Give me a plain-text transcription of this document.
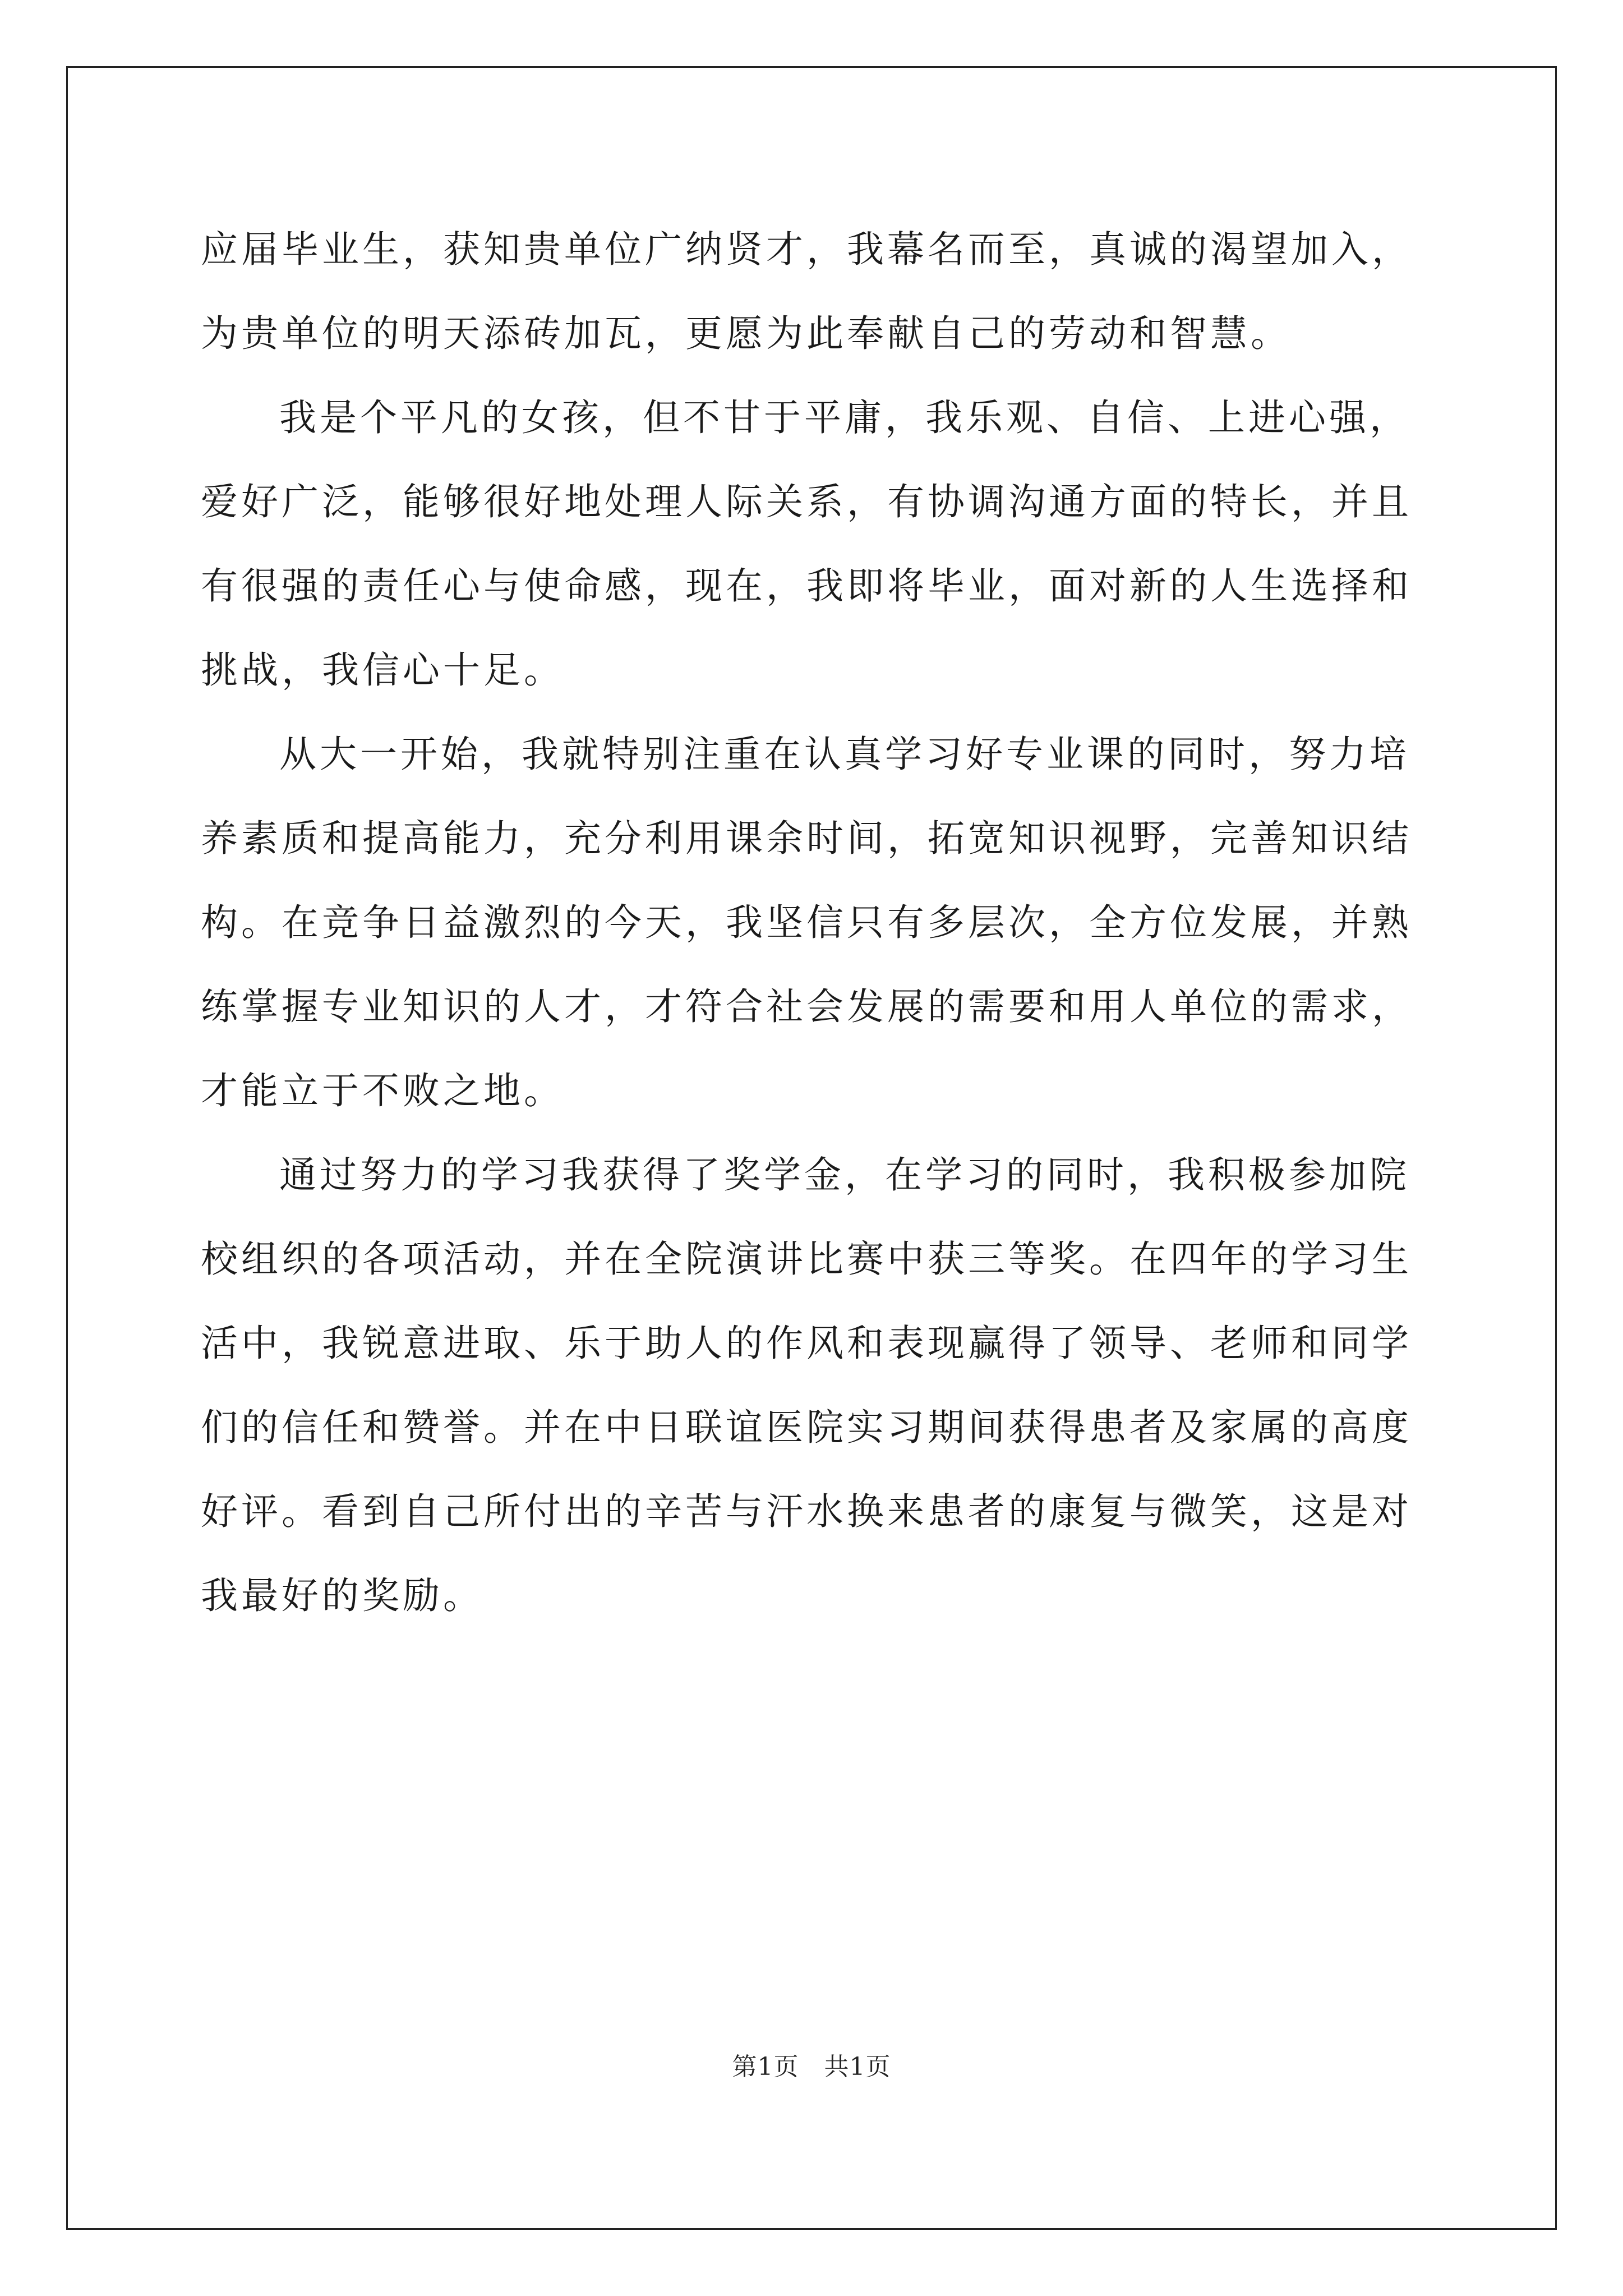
应届毕业生，获知贵单位广纳贤才，我幕名而至，真诚的渴望加入，
为贵单位的明天添砖加瓦，更愿为此奉献自己的劳动和智慧。
我是个平凡的女孩，但不甘于平庸，我乐观、自信、上进心强，
爱好广泛，能够很好地处理人际关系，有协调沟通方面的特长，并且
有很强的责任心与使命感，现在，我即将毕业，面对新的人生选择和
挑战，我信心十足。
从大一开始，我就特别注重在认真学习好专业课的同时，努力培
养素质和提高能力，充分利用课余时间，拓宽知识视野，完善知识结
构。在竞争日益激烈的今天，我坚信只有多层次，全方位发展，并熟
练掌握专业知识的人才，才符合社会发展的需要和用人单位的需求，
才能立于不败之地。
通过努力的学习我获得了奖学金，在学习的同时，我积极参加院
校组织的各项活动，并在全院演讲比赛中获三等奖。在四年的学习生
活中，我锐意进取、乐于助人的作风和表现赢得了领导、老师和同学
们的信任和赞誉。并在中日联谊医院实习期间获得患者及家属的高度
好评。看到自己所付出的辛苦与汗水换来患者的康复与微笑，这是对
我最好的奖励。
第1页　共1页
